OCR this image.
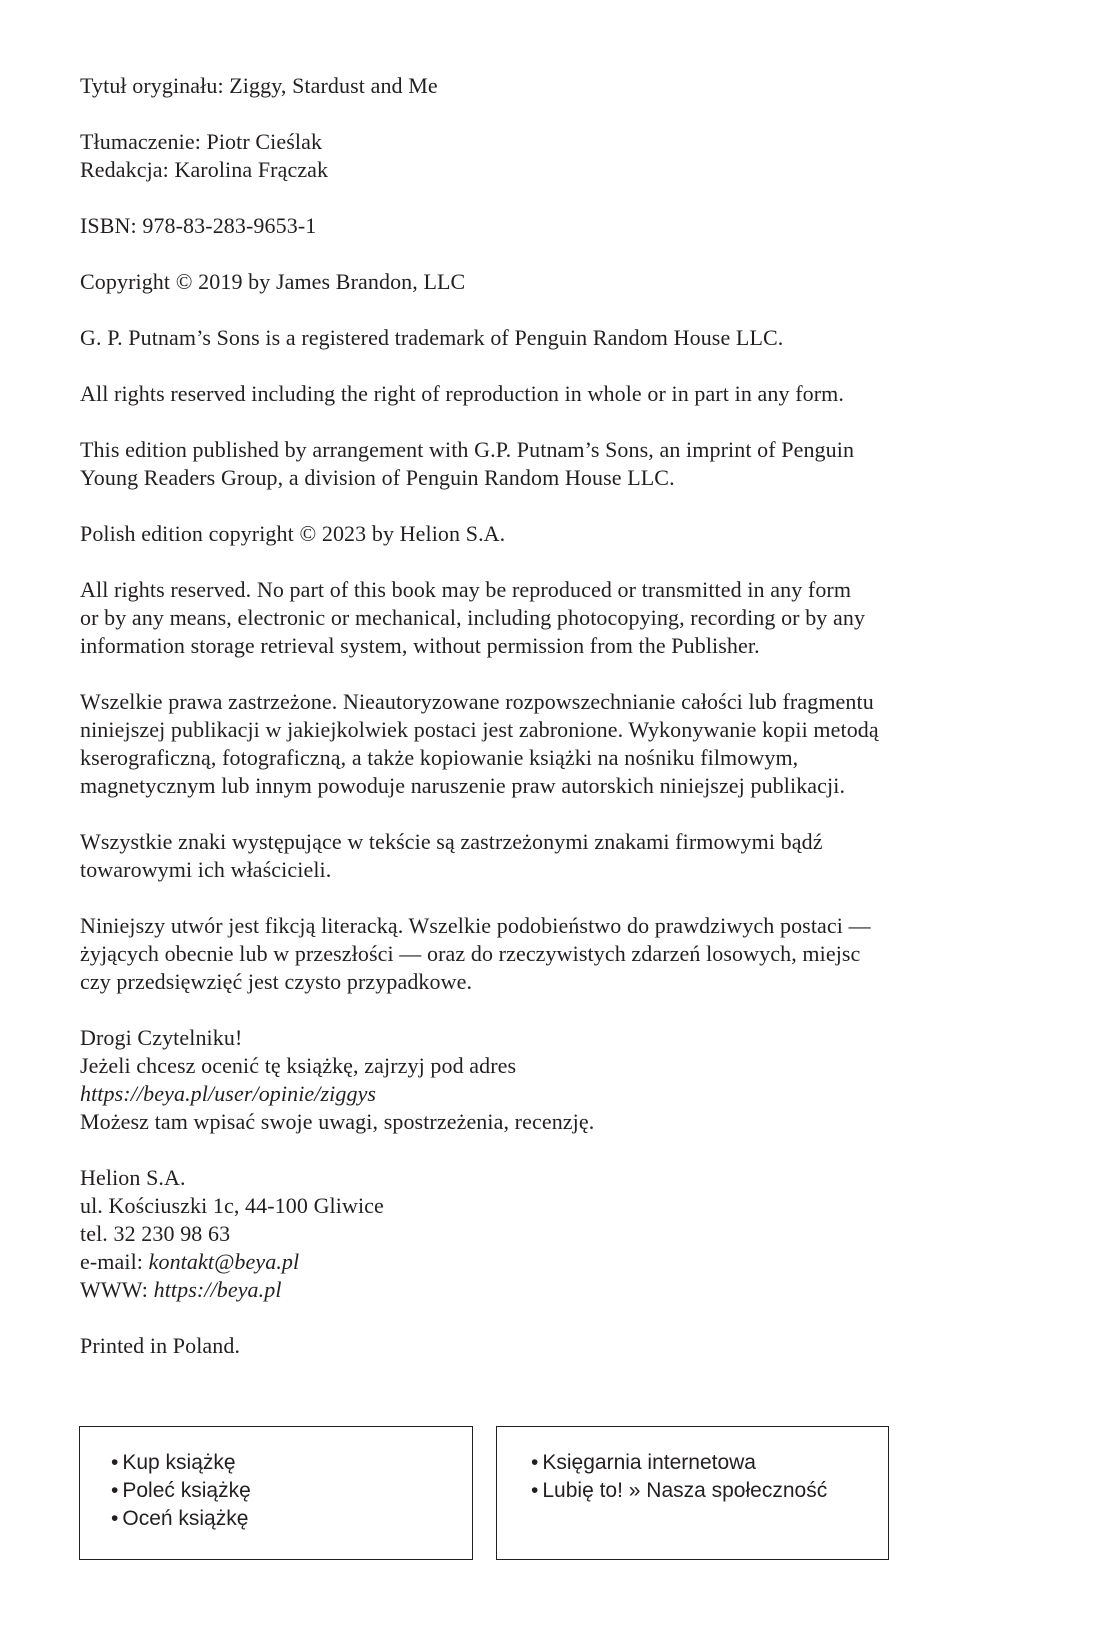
Tytuł oryginału: Ziggy, Stardust and Me
Tłumaczenie: Piotr Cieślak
Redakcja: Karolina Frączak
ISBN: 978-83-283-9653-1
Copyright © 2019 by James Brandon, LLC
G. P. Putnam’s Sons is a registered trademark of Penguin Random House LLC.
All rights reserved including the right of reproduction in whole or in part in any form.
This edition published by arrangement with G.P. Putnam’s Sons, an imprint of Penguin
Young Readers Group, a division of Penguin Random House LLC.
Polish edition copyright © 2023 by Helion S.A.
All rights reserved. No part of this book may be reproduced or transmitted in any form
or by any means, electronic or mechanical, including photocopying, recording or by any
information storage retrieval system, without permission from the Publisher.
Wszelkie prawa zastrzeżone. Nieautoryzowane rozpowszechnianie całości lub fragmentu
niniejszej publikacji w jakiejkolwiek postaci jest zabronione. Wykonywanie kopii metodą
kserograficzną, fotograficzną, a także kopiowanie książki na nośniku filmowym,
magnetycznym lub innym powoduje naruszenie praw autorskich niniejszej publikacji.
Wszystkie znaki występujące w tekście są zastrzeżonymi znakami firmowymi bądź
towarowymi ich właścicieli.
Niniejszy utwór jest fikcją literacką. Wszelkie podobieństwo do prawdziwych postaci —
żyjących obecnie lub w przeszłości — oraz do rzeczywistych zdarzeń losowych, miejsc
czy przedsięwzięć jest czysto przypadkowe.
Drogi Czytelniku!
Jeżeli chcesz ocenić tę książkę, zajrzyj pod adres
https://beya.pl/user/opinie/ziggys
Możesz tam wpisać swoje uwagi, spostrzeżenia, recenzję.
Helion S.A.
ul. Kościuszki 1c, 44-100 Gliwice
tel. 32 230 98 63
e-mail: kontakt@beya.pl
WWW: https://beya.pl
Printed in Poland.
• Kup książkę
• Poleć książkę
• Oceń książkę
• Księgarnia internetowa
• Lubię to! » Nasza społeczność
